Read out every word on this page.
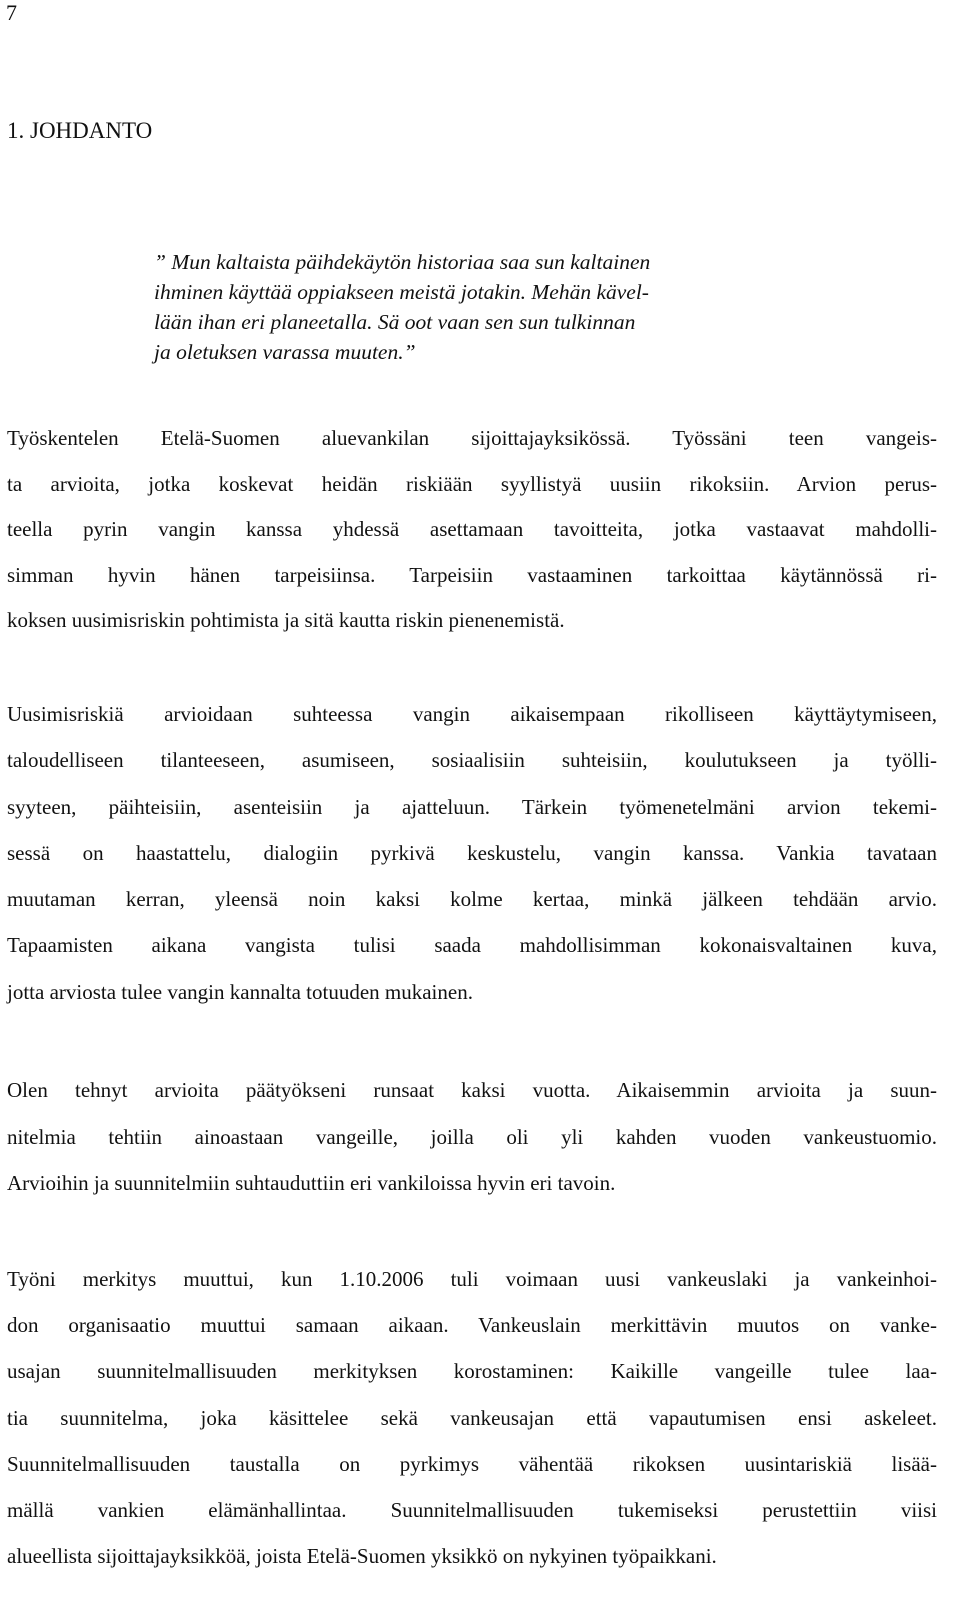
7
1. JOHDANTO
” Mun kaltaista päihdekäytön historiaa saa sun kaltainen
ihminen käyttää oppiakseen meistä jotakin. Mehän kävel-
lään ihan eri planeetalla. Sä oot vaan sen sun tulkinnan
ja oletuksen varassa muuten.”

Työskentelen Etelä-Suomen aluevankilan sijoittajayksikössä. Työssäni teen vangeis-
ta arvioita, jotka koskevat heidän riskiään syyllistyä uusiin rikoksiin. Arvion perus-
teella pyrin vangin kanssa yhdessä asettamaan tavoitteita, jotka vastaavat mahdolli-
simman hyvin hänen tarpeisiinsa. Tarpeisiin vastaaminen tarkoittaa käytännössä ri-
koksen uusimisriskin pohtimista ja sitä kautta riskin pienenemistä.

Uusimisriskiä arvioidaan suhteessa vangin aikaisempaan rikolliseen käyttäytymiseen,
taloudelliseen tilanteeseen, asumiseen, sosiaalisiin suhteisiin, koulutukseen ja työlli-
syyteen, päihteisiin, asenteisiin ja ajatteluun. Tärkein työmenetelmäni arvion tekemi-
sessä on haastattelu, dialogiin pyrkivä keskustelu, vangin kanssa. Vankia tavataan
muutaman kerran, yleensä noin kaksi kolme kertaa, minkä jälkeen tehdään arvio.
Tapaamisten aikana vangista tulisi saada mahdollisimman kokonaisvaltainen kuva,
jotta arviosta tulee vangin kannalta totuuden mukainen.

Olen tehnyt arvioita päätyökseni runsaat kaksi vuotta. Aikaisemmin arvioita ja suun-
nitelmia tehtiin ainoastaan vangeille, joilla oli yli kahden vuoden vankeustuomio.
Arvioihin ja suunnitelmiin suhtauduttiin eri vankiloissa hyvin eri tavoin.

Työni merkitys muuttui, kun 1.10.2006 tuli voimaan uusi vankeuslaki ja vankeinhoi-
don organisaatio muuttui samaan aikaan. Vankeuslain merkittävin muutos on vanke-
usajan suunnitelmallisuuden merkityksen korostaminen: Kaikille vangeille tulee laa-
tia suunnitelma, joka käsittelee sekä vankeusajan että vapautumisen ensi askeleet.
Suunnitelmallisuuden taustalla on pyrkimys vähentää rikoksen uusintariskiä lisää-
mällä vankien elämänhallintaa. Suunnitelmallisuuden tukemiseksi perustettiin viisi
alueellista sijoittajayksikköä, joista Etelä-Suomen yksikkö on nykyinen työpaikkani.
